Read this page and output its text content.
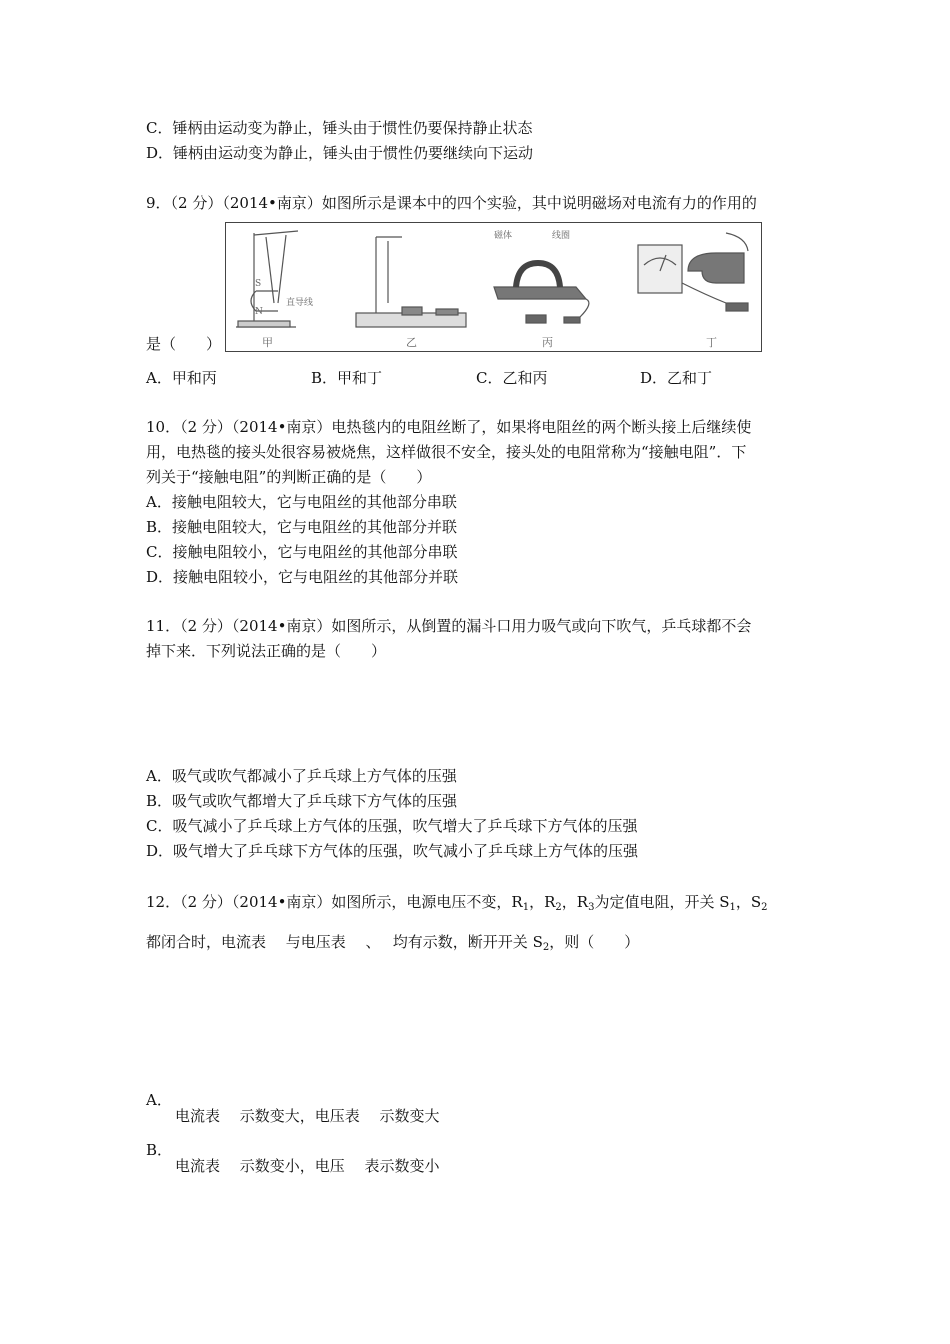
C．锤柄由运动变为静止，锤头由于惯性仍要保持静止状态
D．锤柄由运动变为静止，锤头由于惯性仍要继续向下运动
9．（2 分）（2014•南京）如图所示是课本中的四个实验，其中说明磁场对电流有力的作用的
甲	乙	丙	丁
S
N
直导线
磁体	线圈
是（　　）
A．甲和丙	B．甲和丁	C．乙和丙	D．乙和丁
10．（2 分）（2014•南京）电热毯内的电阻丝断了，如果将电阻丝的两个断头接上后继续使
用，电热毯的接头处很容易被烧焦，这样做很不安全，接头处的电阻常称为“接触电阻”．下
列关于“接触电阻”的判断正确的是（　　）
A．接触电阻较大，它与电阻丝的其他部分串联
B．接触电阻较大，它与电阻丝的其他部分并联
C．接触电阻较小，它与电阻丝的其他部分串联
D．接触电阻较小，它与电阻丝的其他部分并联
11．（2 分）（2014•南京）如图所示，从倒置的漏斗口用力吸气或向下吹气，乒乓球都不会
掉下来．下列说法正确的是（　　）
A．吸气或吹气都减小了乒乓球上方气体的压强
B．吸气或吹气都增大了乒乓球下方气体的压强
C．吸气减小了乒乓球上方气体的压强，吹气增大了乒乓球下方气体的压强
D．吸气增大了乒乓球下方气体的压强，吹气减小了乒乓球上方气体的压强
12．（2 分）（2014•南京）如图所示，电源电压不变，$R_1$，$R_2$，$R_3$为定值电阻，开关 $S_1$，$S_2$
都闭合时，电流表　 与电压表　 、　 均有示数，断开开关 $S_2$，则（　　）
A．
电流表　 示数变大，电压表　 示数变大
B．
电流表　 示数变小，电压　 表示数变小
